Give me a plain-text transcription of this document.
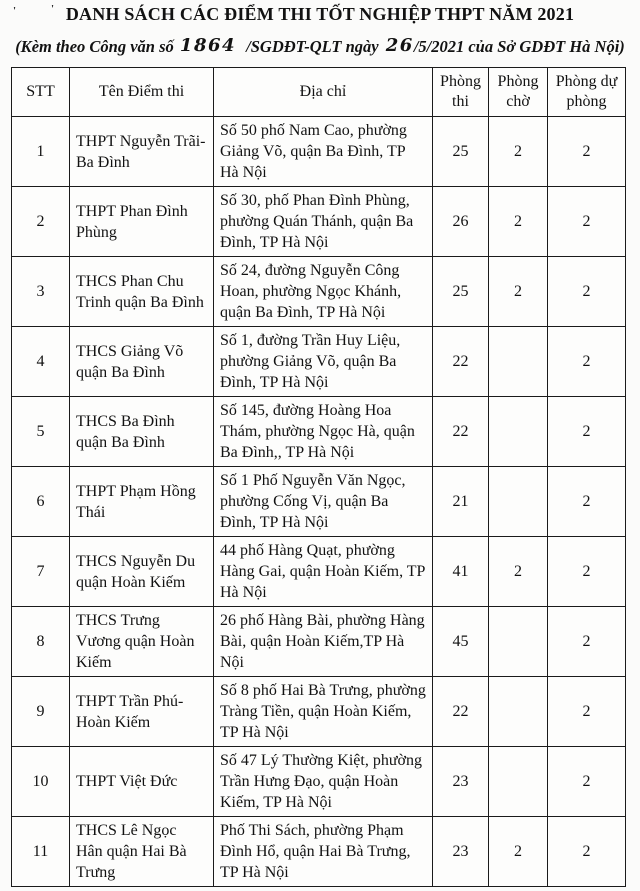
'	' DANH SÁCH CÁC ĐIỂM THI TỐT NGHIỆP THPT NĂM 2021
(Kèm theo Công văn số 1864 /SGDĐT-QLT ngày 26/5/2021 của Sở GDĐT Hà Nội)
STT	Tên Điểm thi	Địa chỉ	Phòng thi	Phòng chờ	Phòng dự phòng
1	THPT Nguyễn Trãi-Ba Đình	Số 50 phố Nam Cao, phường Giảng Võ, quận Ba Đình, TP Hà Nội	25	2	2
2	THPT Phan Đình Phùng	Số 30, phố Phan Đình Phùng, phường Quán Thánh, quận Ba Đình, TP Hà Nội	26	2	2
3	THCS Phan Chu Trinh quận Ba Đình	Số 24, đường Nguyễn Công Hoan, phường Ngọc Khánh, quận Ba Đình, TP Hà Nội	25	2	2
4	THCS Giảng Võ quận Ba Đình	Số 1, đường Trần Huy Liệu, phường Giảng Võ, quận Ba Đình, TP Hà Nội	22		2
5	THCS Ba Đình quận Ba Đình	Số 145, đường Hoàng Hoa Thám, phường Ngọc Hà, quận Ba Đình,, TP Hà Nội	22		2
6	THPT Phạm Hồng Thái	Số 1 Phố Nguyễn Văn Ngọc, phường Cống Vị, quận Ba Đình, TP Hà Nội	21		2
7	THCS Nguyễn Du quận Hoàn Kiếm	44 phố Hàng Quạt, phường Hàng Gai, quận Hoàn Kiếm, TP Hà Nội	41	2	2
8	THCS Trưng Vương quận Hoàn Kiếm	26 phố Hàng Bài, phường Hàng Bài, quận Hoàn Kiếm,TP Hà Nội	45		2
9	THPT Trần Phú-Hoàn Kiếm	Số 8 phố Hai Bà Trưng, phường Tràng Tiền, quận Hoàn Kiếm, TP Hà Nội	22		2
10	THPT Việt Đức	Số 47 Lý Thường Kiệt, phường Trần Hưng Đạo, quận Hoàn Kiếm, TP Hà Nội	23		2
11	THCS Lê Ngọc Hân quận Hai Bà Trưng	Phố Thi Sách, phường Phạm Đình Hổ, quận Hai Bà Trưng, TP Hà Nội	23	2	2
